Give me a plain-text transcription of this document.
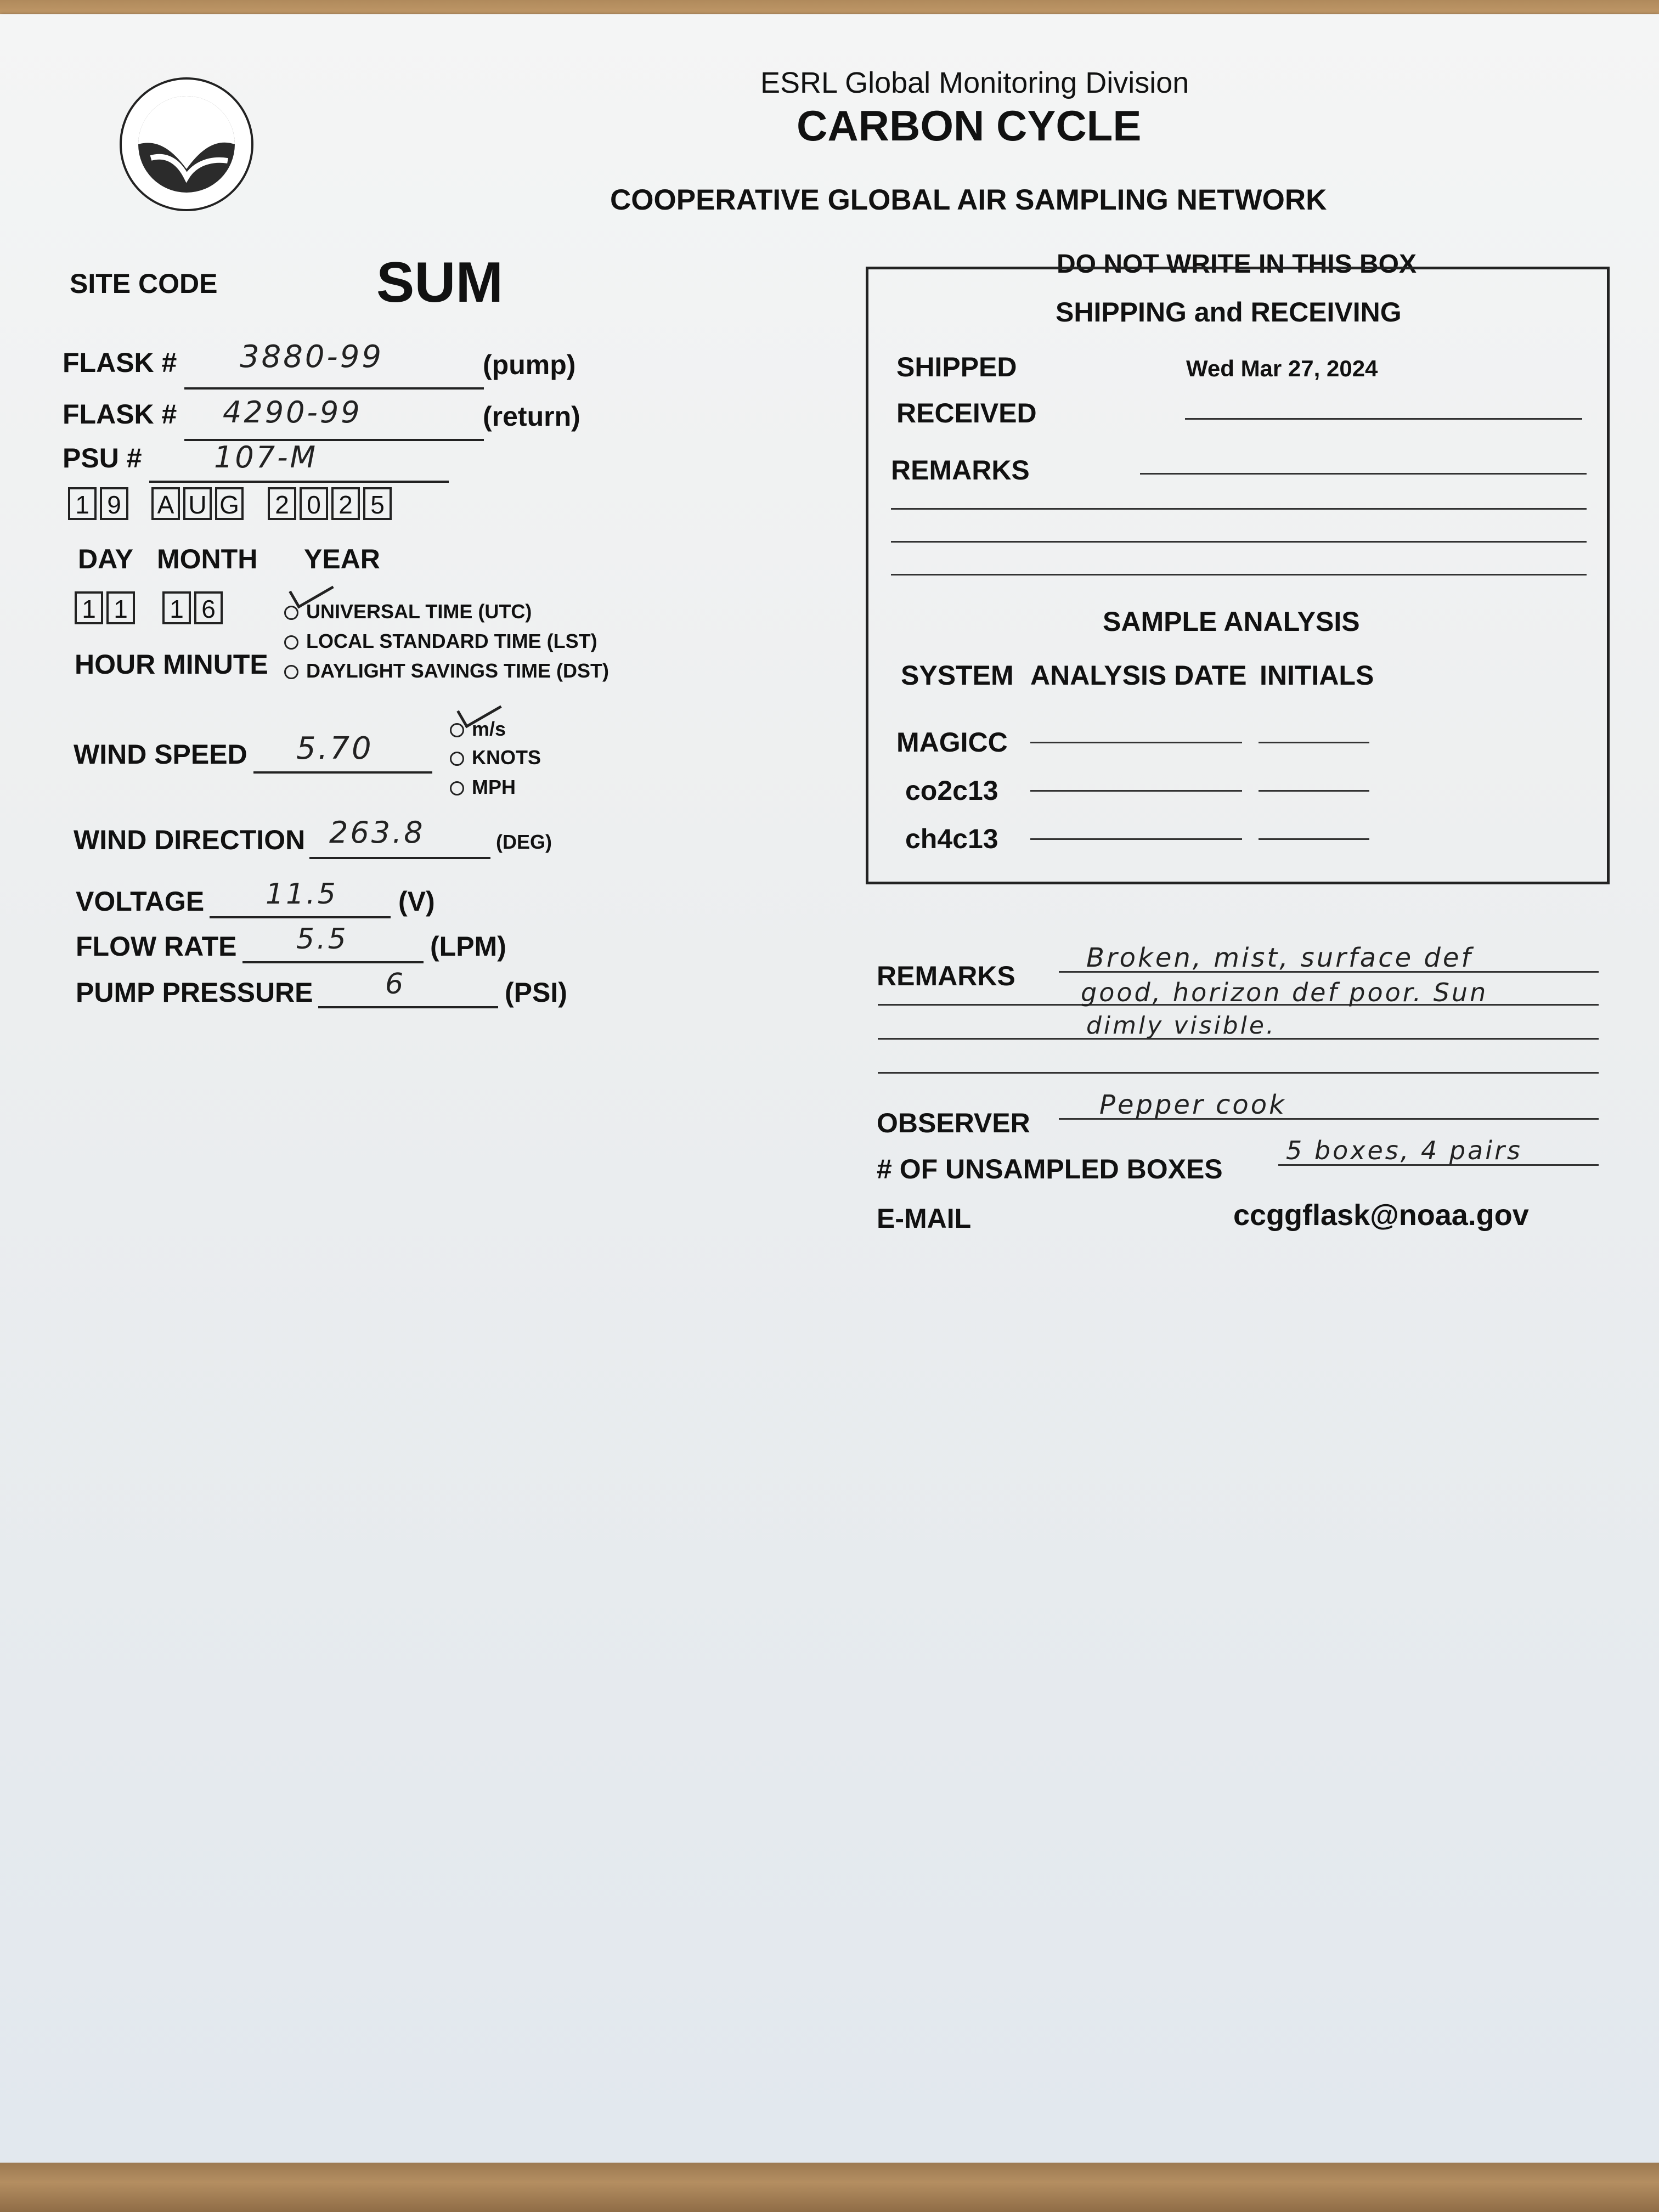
NOAA
ESRL Global Monitoring Division
CARBON CYCLE
COOPERATIVE GLOBAL AIR SAMPLING NETWORK
SITE CODE	SUM
FLASK # 3880-99	(pump)
FLASK # 4290-99	(return)
PSU # 107-M
1 9 A U G 2 0 2 5
DAY MONTH YEAR
1 1 1 6
HOUR MINUTE
UNIVERSAL TIME (UTC)
LOCAL STANDARD TIME (LST)
DAYLIGHT SAVINGS TIME (DST)
WIND SPEED 5.70
m/s
KNOTS
MPH
WIND DIRECTION 263.8	(DEG)
VOLTAGE 11.5 (V)
FLOW RATE 5.5	(LPM)
PUMP PRESSURE	6	(PSI)
DO NOT WRITE IN THIS BOX
SHIPPING and RECEIVING
SHIPPED	Wed Mar 27, 2024
RECEIVED
REMARKS
SAMPLE ANALYSIS
SYSTEM ANALYSIS DATE INITIALS
MAGICC
co2c13
ch4c13
REMARKS
Broken, mist, surface def
good, horizon def poor. Sun
dimly visible.
OBSERVER
Pepper cook
# OF UNSAMPLED BOXES
5 boxes, 4 pairs
E-MAIL	ccggflask@noaa.gov
